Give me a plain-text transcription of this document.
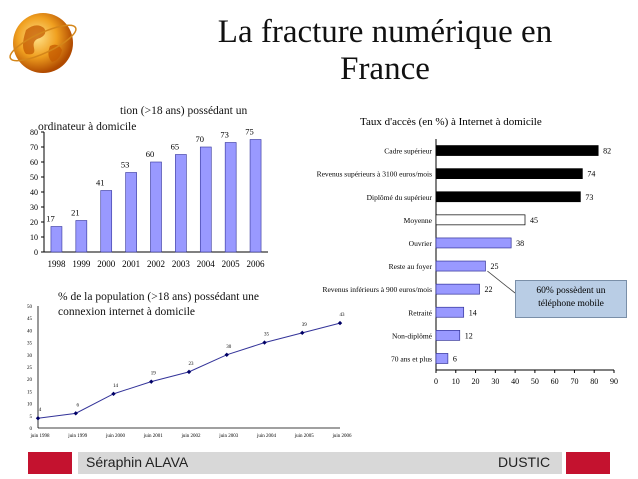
La fracture numérique en
France
tion (>18 ans) possédant un
ordinateur à domicile
0
10
20
30
40
50
60
70
80
17
1998
21
1999
41
2000
53
2001
60
2002
65
2003
70
2004
73
2005
75
2006
% de la population (>18 ans) possédant une
connexion internet à domicile
0
5
10
15
20
25
30
35
40
45
50
juin 1998	juin 1999	juin 2000	juin 2001	juin 2002	juin 2003	juin 2004	juin 2005	juin 2006
4
6
14
19
23
30
35
39
43
Taux d'accès (en %) à Internet à domicile
0 10 20 30 40 50 60 70 80 90
82
Cadre supérieur
74
Revenus supérieurs à 3100 euros/mois
73
Diplômé du supérieur
45
Moyenne
38
Ouvrier
25
Reste au foyer
22
Revenus inférieurs à 900 euros/mois
14
Retraité
12
Non-diplômé
6
70 ans et plus
60% possèdent un
téléphone mobile
Séraphin ALAVA	DUSTIC
